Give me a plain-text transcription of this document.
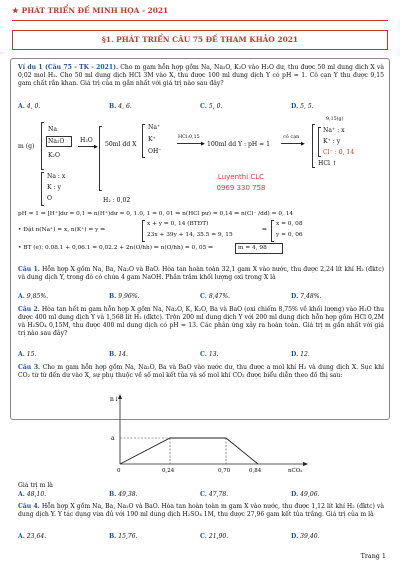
★ PHÁT TRIỂN ĐỀ MINH HỌA - 2021
§1. PHÁT TRIỂN CÂU 75 ĐỀ THAM KHẢO 2021
Ví dụ 1 (Câu 75 - TK - 2021). Cho m gam hỗn hợp gồm Na, Na₂O, K₂O vào H₂O dư, thu được 50 ml dung dịch X và 0,02 mol H₂. Cho 50 ml dung dịch HCl 3M vào X, thu được 100 ml dung dịch Y có pH = 1. Cô cạn Y thu được 9,15 gam chất rắn khan. Giá trị của m gần nhất với giá trị nào sau đây?
A. 4, 0.	B. 4, 6.	C. 5, 0.	D. 5, 5.
m (g)
Na
Na₂O
K₂O
H₂O
▶ 50ml dd X
Na⁺
K⁺
OH⁻
HCl:0,15
▶ 100ml dd Y : pH = 1
cô cạn
▶
9,15(g)
Na⁺ : x
K⁺ : y
Cl⁻ : 0, 14
HCl ↑
Na : x
K : y
O	H₂ : 0,02
Luyenthi CLC
0969 330 758
pH = 1 ⇒ [H⁺]dư = 0,1 ⇒ n(H⁺)dư = 0, 1.0, 1 = 0, 01 ⇒ n(HCl pư) = 0,14 ⇒ n(Cl⁻ /dd) = 0, 14
• Đặt n(Na⁺) = x, n(K⁺) = y ⇒
x + y = 0, 14 (BTĐT)
23x + 39y + 14, 35.5 = 9, 15
⇒
x = 0, 08
y = 0, 06
• BT (e): 0.08.1 + 0,06.1 = 0,02.2 + 2n(O/hh) ⇒ n(O/hh) = 0, 05 ⇒	m = 4, 98
Câu 1. Hỗn hợp X gồm Na, Ba, Na₂O và BaO. Hòa tan hoàn toàn 32,1 gam X vào nước, thu được 2,24 lít khí H₂ (đktc) và dung dịch Y, trong đó có chứa 4 gam NaOH. Phần trăm khối lượng oxi trong X là
A. 9,85%.	B. 9,96%.	C. 8,47%.	D. 7,48%.
Câu 2. Hòa tan hết m gam hỗn hợp X gồm Na, Na₂O, K, K₂O, Ba và BaO (oxi chiếm 8,75% về khối lượng) vào H₂O thu được 400 ml dung dịch Y và 1,568 lít H₂ (đktc). Trộn 200 ml dung dịch Y với 200 ml dung dịch hỗn hợp gồm HCl 0,2M và H₂SO₄ 0,15M, thu được 400 ml dung dịch có pH = 13. Các phản ứng xảy ra hoàn toàn. Giá trị m gần nhất với giá trị nào sau đây?
A. 15.	B. 14.	C. 13.	D. 12.
Câu 3. Cho m gam hỗn hợp gồm Na, Na₂O, Ba và BaO vào nước dư, thu được a mol khí H₂ và dung dịch X. Sục khí CO₂ từ từ đến dư vào X, sự phụ thuộc về số mol kết tủa và số mol khí CO₂ được biểu diễn theo đồ thị sau:
n↓
a
0	0,24	0,70	0,84	nCO₂
Giá trị m là
A. 48,10.	B. 49,38.	C. 47,78.	D. 49,06.
Câu 4. Hỗn hợp X gồm Na, Ba, Na₂O và BaO. Hòa tan hoàn toàn m gam X vào nước, thu được 1,12 lít khí H₂ (đktc) và dung dịch Y. Y tác dụng vừa đủ với 190 ml dung dịch H₂SO₄ 1M, thu được 27,96 gam kết tủa trắng. Giá trị của m là
A. 23,64.	B. 15,76.	C. 21,90.	D. 39,40.
Trang 1
